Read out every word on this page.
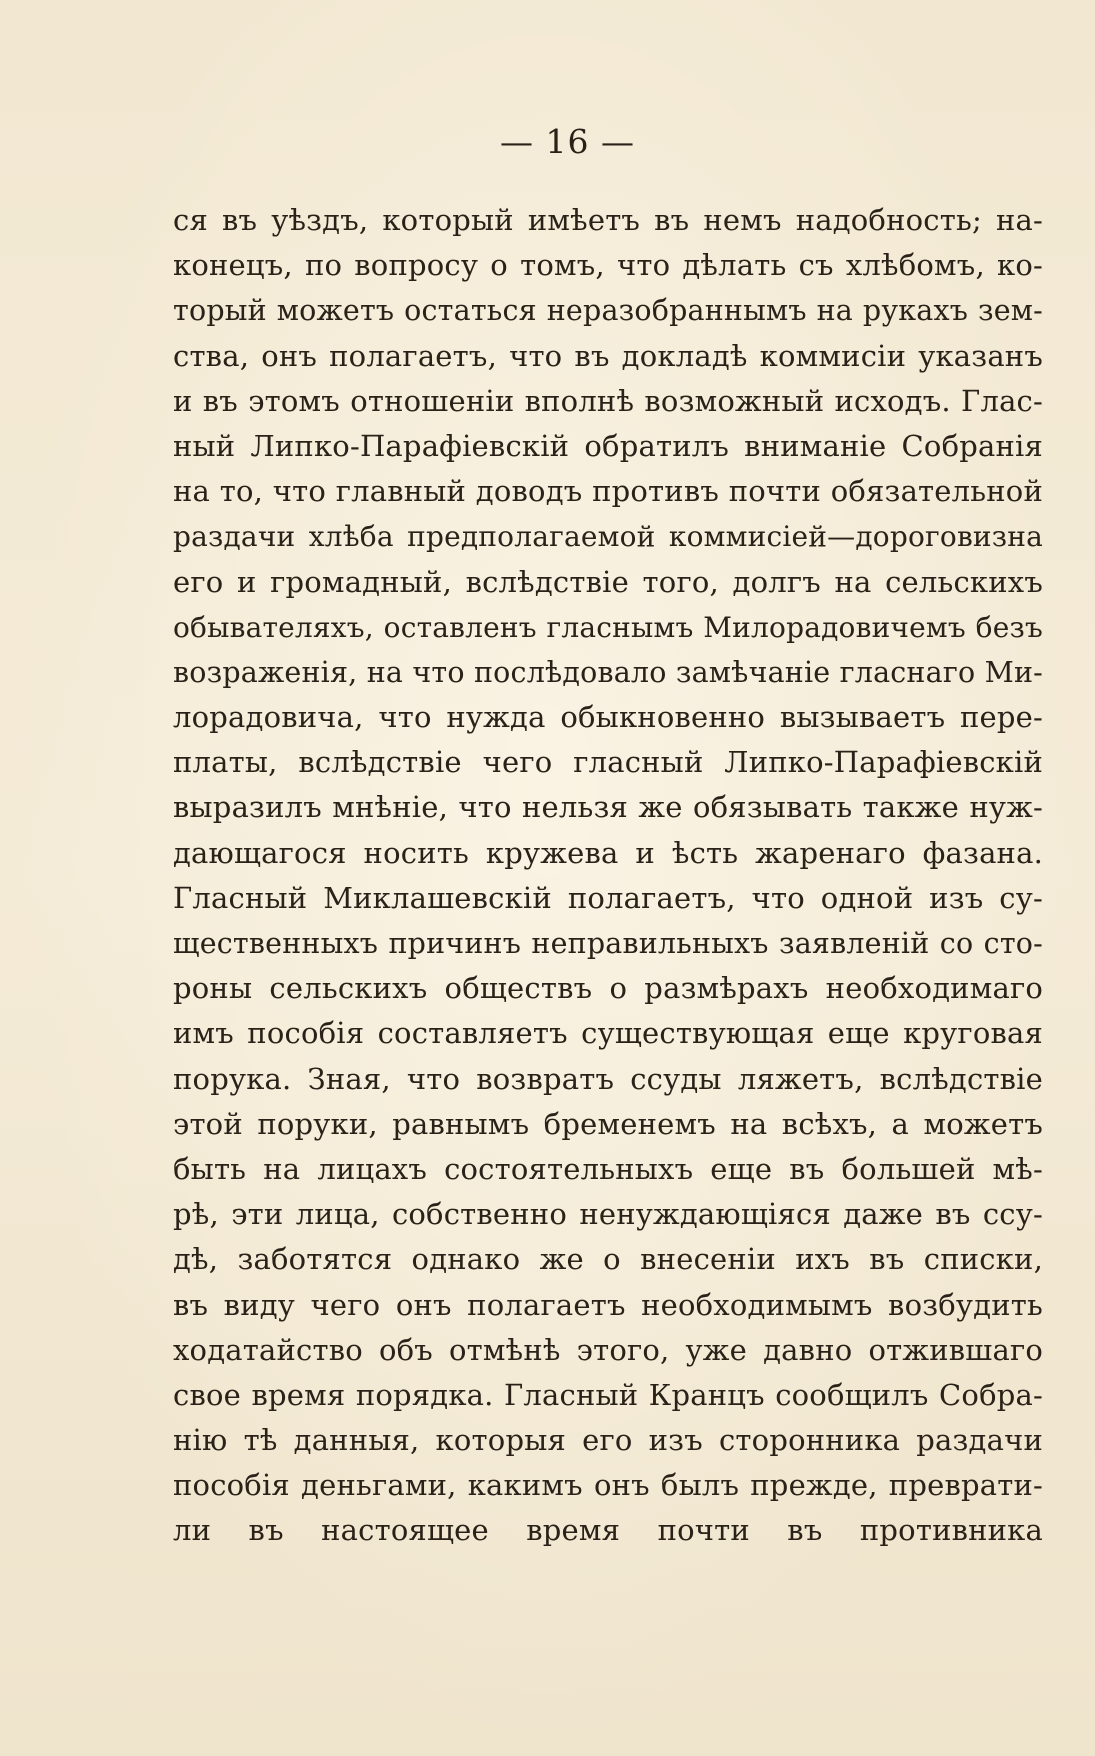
— 16 —
ся въ уѣздъ, который имѣетъ въ немъ надобность; на-
конецъ, по вопросу о томъ, что дѣлать съ хлѣбомъ, ко-
торый можетъ остаться неразобраннымъ на рукахъ зем-
ства, онъ полагаетъ, что въ докладѣ коммисіи указанъ
и въ этомъ отношеніи вполнѣ возможный исходъ. Глас-
ный Липко-Парафіевскій обратилъ вниманіе Собранія
на то, что главный доводъ противъ почти обязательной
раздачи хлѣба предполагаемой коммисіей—дороговизна
его и громадный, вслѣдствіе того, долгъ на сельскихъ
обывателяхъ, оставленъ гласнымъ Милорадовичемъ безъ
возраженія, на что послѣдовало замѣчаніе гласнаго Ми-
лорадовича, что нужда обыкновенно вызываетъ пере-
платы, вслѣдствіе чего гласный Липко-Парафіевскій
выразилъ мнѣніе, что нельзя же обязывать также нуж-
дающагося носить кружева и ѣсть жаренаго фазана.
Гласный Миклашевскій полагаетъ, что одной изъ су-
щественныхъ причинъ неправильныхъ заявленій со сто-
роны сельскихъ обществъ о размѣрахъ необходимаго
имъ пособія составляетъ существующая еще круговая
порука. Зная, что возвратъ ссуды ляжетъ, вслѣдствіе
этой поруки, равнымъ бременемъ на всѣхъ, а можетъ
быть на лицахъ состоятельныхъ еще въ большей мѣ-
рѣ, эти лица, собственно ненуждающіяся даже въ ссу-
дѣ, заботятся однако же о внесеніи ихъ въ списки,
въ виду чего онъ полагаетъ необходимымъ возбудить
ходатайство объ отмѣнѣ этого, уже давно отжившаго
свое время порядка. Гласный Кранцъ сообщилъ Собра-
нію тѣ данныя, которыя его изъ сторонника раздачи
пособія деньгами, какимъ онъ былъ прежде, преврати-
ли въ настоящее время почти въ противника
